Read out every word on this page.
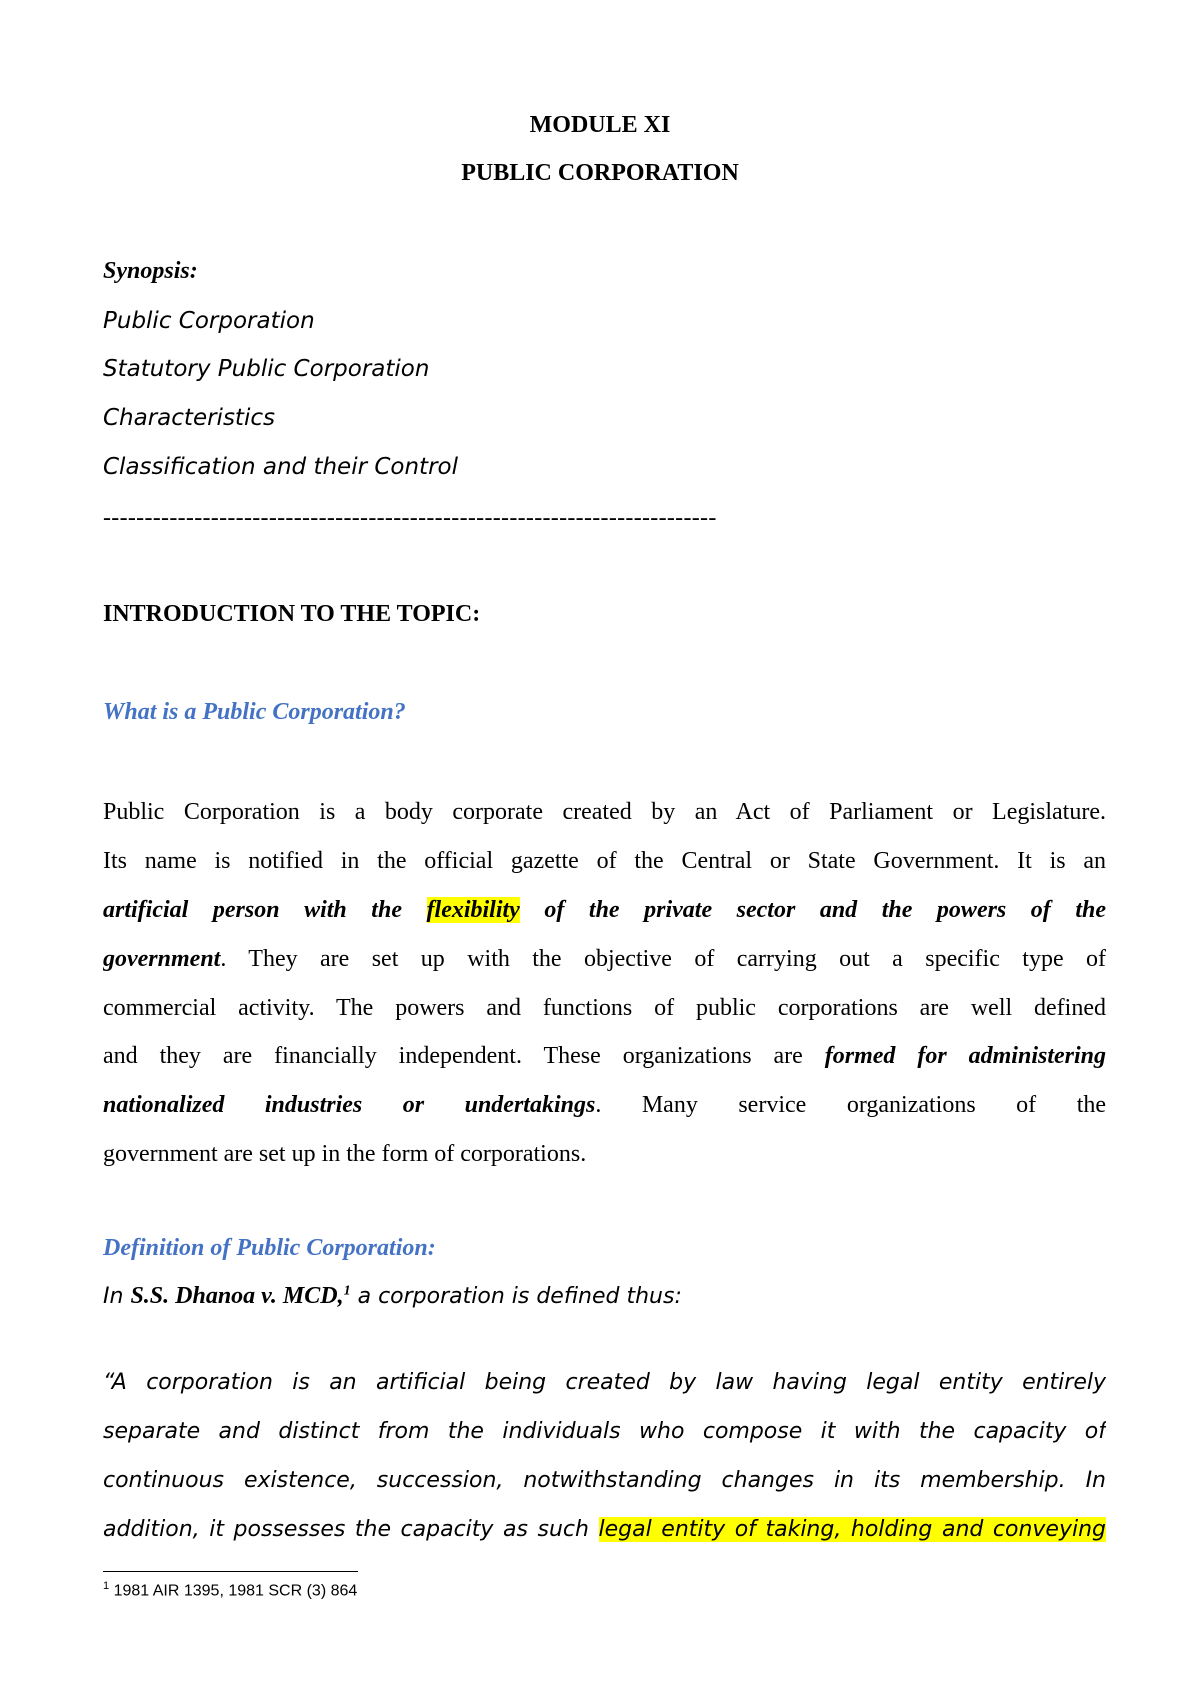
MODULE XI
PUBLIC CORPORATION
Synopsis:
Public Corporation
Statutory Public Corporation
Characteristics
Classification and their Control
--------------------------------------------------------------------------
INTRODUCTION TO THE TOPIC:
What is a Public Corporation?
Public Corporation is a body corporate created by an Act of Parliament or Legislature.
Its name is notified in the official gazette of the Central or State Government. It is an
artificial person with the flexibility of the private sector and the powers of the
government. They are set up with the objective of carrying out a specific type of
commercial activity. The powers and functions of public corporations are well defined
and they are financially independent. These organizations are formed for administering
nationalized industries or undertakings. Many service organizations of the
government are set up in the form of corporations.
Definition of Public Corporation:
In S.S. Dhanoa v. MCD,$^1$ a corporation is defined thus:
“A corporation is an artificial being created by law having legal entity entirely
separate and distinct from the individuals who compose it with the capacity of
continuous existence, succession, notwithstanding changes in its membership. In
addition, it possesses the capacity as such legal entity of taking, holding and conveying
$^1$ 1981 AIR 1395, 1981 SCR (3) 864
